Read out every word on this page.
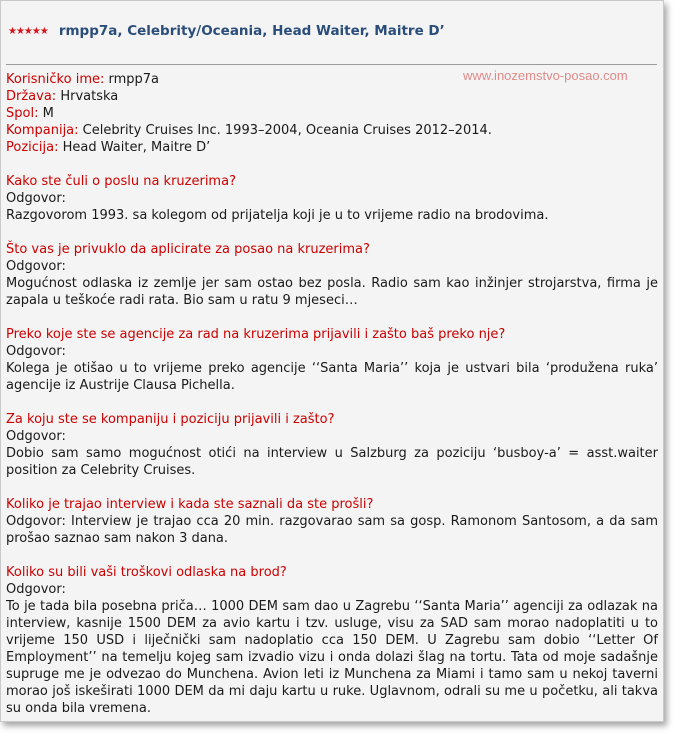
★★★★★ rmpp7a, Celebrity/Oceania, Head Waiter, Maitre D’
www.inozemstvo-posao.com
Korisničko ime: rmpp7a
Država: Hrvatska
Spol: M
Kompanija: Celebrity Cruises Inc. 1993–2004, Oceania Cruises 2012–2014.
Pozicija: Head Waiter, Maitre D’
Kako ste čuli o poslu na kruzerima?
Odgovor:
Razgovorom 1993. sa kolegom od prijatelja koji je u to vrijeme radio na brodovima.
Što vas je privuklo da aplicirate za posao na kruzerima?
Odgovor:
Mogućnost odlaska iz zemlje jer sam ostao bez posla. Radio sam kao inžinjer strojarstva, firma je zapala u teškoće radi rata. Bio sam u ratu 9 mjeseci…
Preko koje ste se agencije za rad na kruzerima prijavili i zašto baš preko nje?
Odgovor:
Kolega je otišao u to vrijeme preko agencije ‘‘Santa Maria’’ koja je ustvari bila ‘produžena ruka’ agencije iz Austrije Clausa Pichella.
Za koju ste se kompaniju i poziciju prijavili i zašto?
Odgovor:
Dobio sam samo mogućnost otići na interview u Salzburg za poziciju ‘busboy-a’ = asst.waiter position za Celebrity Cruises.
Koliko je trajao interview i kada ste saznali da ste prošli?
Odgovor: Interview je trajao cca 20 min. razgovarao sam sa gosp. Ramonom Santosom, a da sam prošao saznao sam nakon 3 dana.
Koliko su bili vaši troškovi odlaska na brod?
Odgovor:
To je tada bila posebna priča… 1000 DEM sam dao u Zagrebu ‘‘Santa Maria’’ agenciji za odlazak na interview, kasnije 1500 DEM za avio kartu i tzv. usluge, visu za SAD sam morao nadoplatiti u to vrijeme 150 USD i liječnički sam nadoplatio cca 150 DEM. U Zagrebu sam dobio ‘‘Letter Of Employment’’ na temelju kojeg sam izvadio vizu i onda dolazi šlag na tortu. Tata od moje sadašnje supruge me je odvezao do Munchena. Avion leti iz Munchena za Miami i tamo sam u nekoj taverni morao još iskeširati 1000 DEM da mi daju kartu u ruke. Uglavnom, odrali su me u početku, ali takva su onda bila vremena.
